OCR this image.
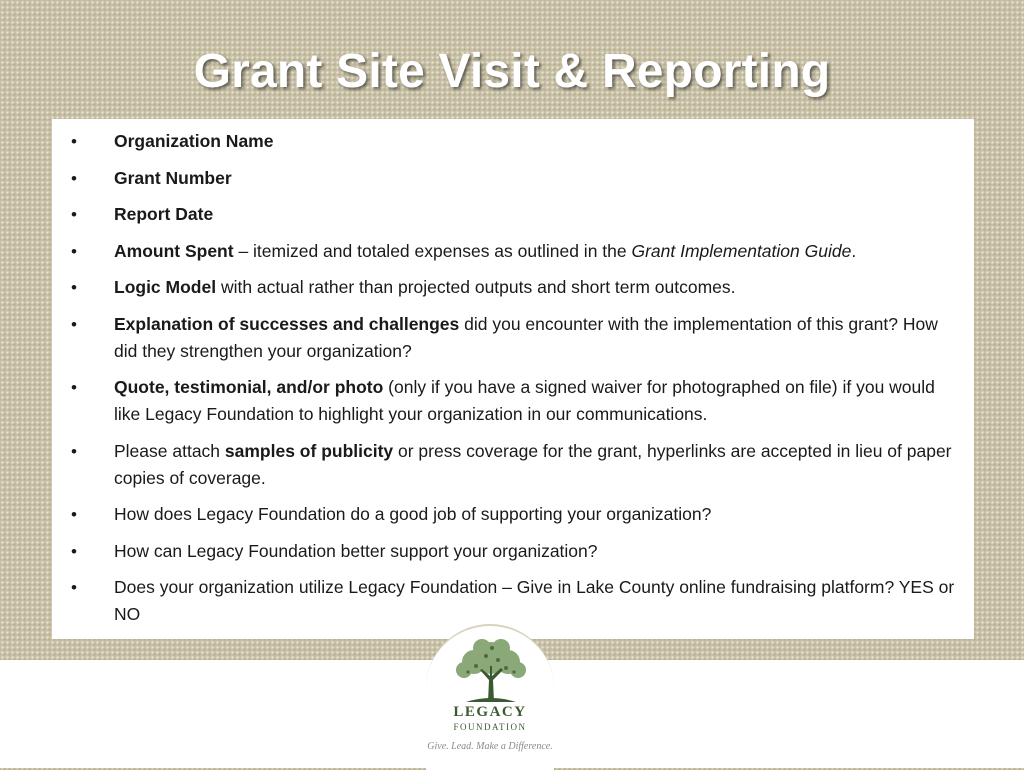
Grant Site Visit & Reporting
• Organization Name
• Grant Number
• Report Date
• Amount Spent – itemized and totaled expenses as outlined in the Grant Implementation Guide.
• Logic Model with actual rather than projected outputs and short term outcomes.
• Explanation of successes and challenges did you encounter with the implementation of this grant? How did they strengthen your organization?
• Quote, testimonial, and/or photo (only if you have a signed waiver for photographed on file) if you would like Legacy Foundation to highlight your organization in our communications.
• Please attach samples of publicity or press coverage for the grant, hyperlinks are accepted in lieu of paper copies of coverage.
• How does Legacy Foundation do a good job of supporting your organization?
• How can Legacy Foundation better support your organization?
• Does your organization utilize Legacy Foundation – Give in Lake County online fundraising platform? YES or NO
LEGACY
FOUNDATION
Give. Lead. Make a Difference.
